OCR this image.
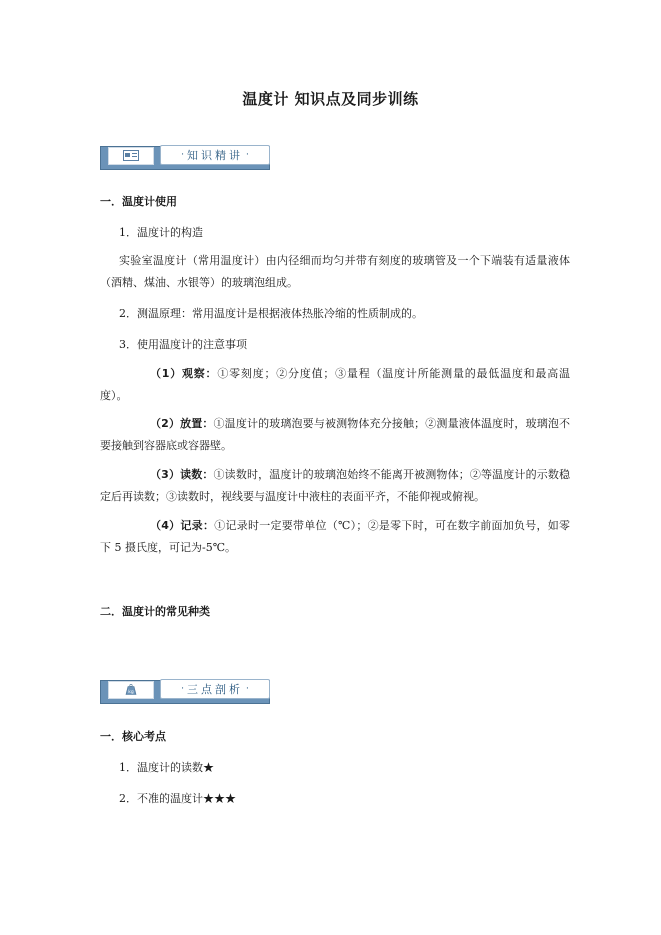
温度计 知识点及同步训练
· 知识精讲 ·
一．温度计使用
1．温度计的构造
实验室温度计（常用温度计）由内径细而均匀并带有刻度的玻璃管及一个下端装有适量液体（酒精、煤油、水银等）的玻璃泡组成。
2．测温原理：常用温度计是根据液体热胀冷缩的性质制成的。
3．使用温度计的注意事项
（1）观察：①零刻度；②分度值；③量程（温度计所能测量的最低温度和最高温度）。
（2）放置：①温度计的玻璃泡要与被测物体充分接触；②测量液体温度时，玻璃泡不要接触到容器底或容器壁。
（3）读数：①读数时，温度计的玻璃泡始终不能离开被测物体；②等温度计的示数稳定后再读数；③读数时，视线要与温度计中液柱的表面平齐，不能仰视或俯视。
（4）记录：①记录时一定要带单位（℃）；②是零下时，可在数字前面加负号，如零下 5 摄氏度，可记为-5℃。
二．温度计的常见种类
kg	· 三点剖析 ·
一．核心考点
1．温度计的读数★
2．不准的温度计★★★
